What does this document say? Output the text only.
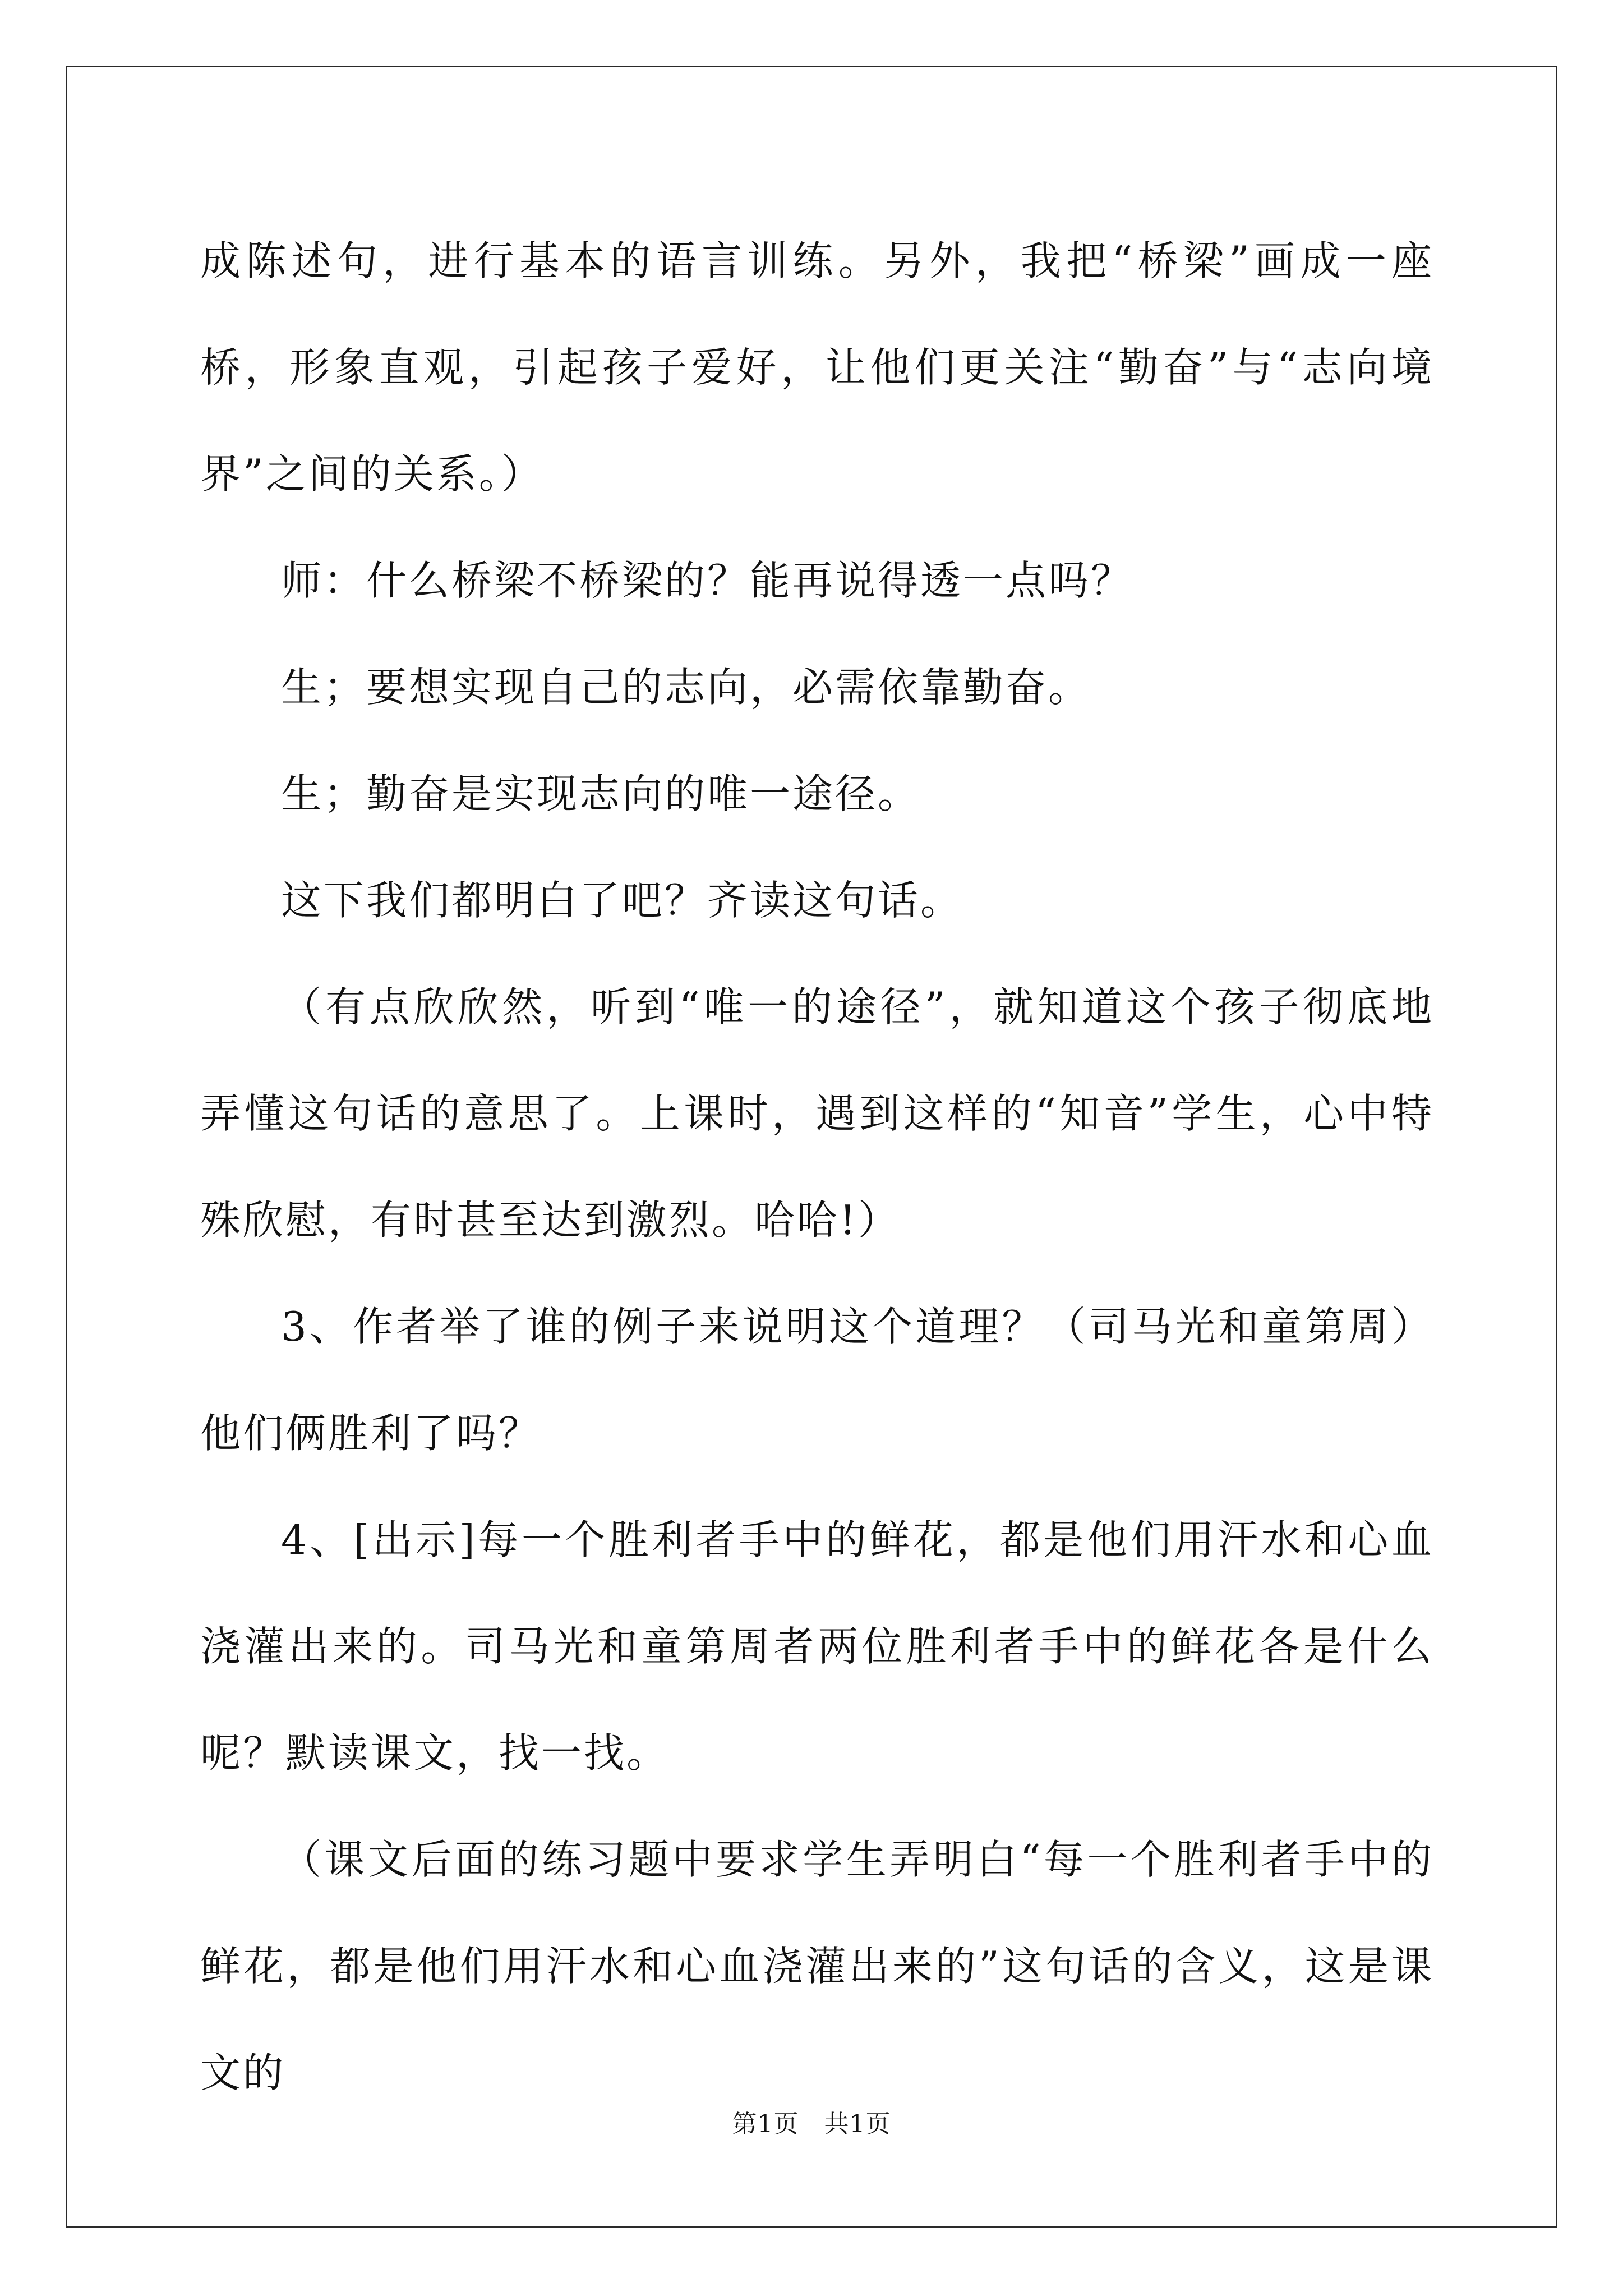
成陈述句，进行基本的语言训练。另外，我把“桥梁”画成一座桥，形象直观，引起孩子爱好，让他们更关注“勤奋”与“志向境界”之间的关系。）

师：什么桥梁不桥梁的？能再说得透一点吗？

生；要想实现自己的志向，必需依靠勤奋。

生；勤奋是实现志向的唯一途径。

这下我们都明白了吧？齐读这句话。

（有点欣欣然，听到“唯一的途径”，就知道这个孩子彻底地弄懂这句话的意思了。上课时，遇到这样的“知音”学生，心中特殊欣慰，有时甚至达到激烈。哈哈!）

3、作者举了谁的例子来说明这个道理？（司马光和童第周）他们俩胜利了吗？

4、[出示]每一个胜利者手中的鲜花，都是他们用汗水和心血浇灌出来的。司马光和童第周者两位胜利者手中的鲜花各是什么呢？默读课文，找一找。

（课文后面的练习题中要求学生弄明白“每一个胜利者手中的鲜花，都是他们用汗水和心血浇灌出来的”这句话的含义，这是课文的

第1页　共1页
